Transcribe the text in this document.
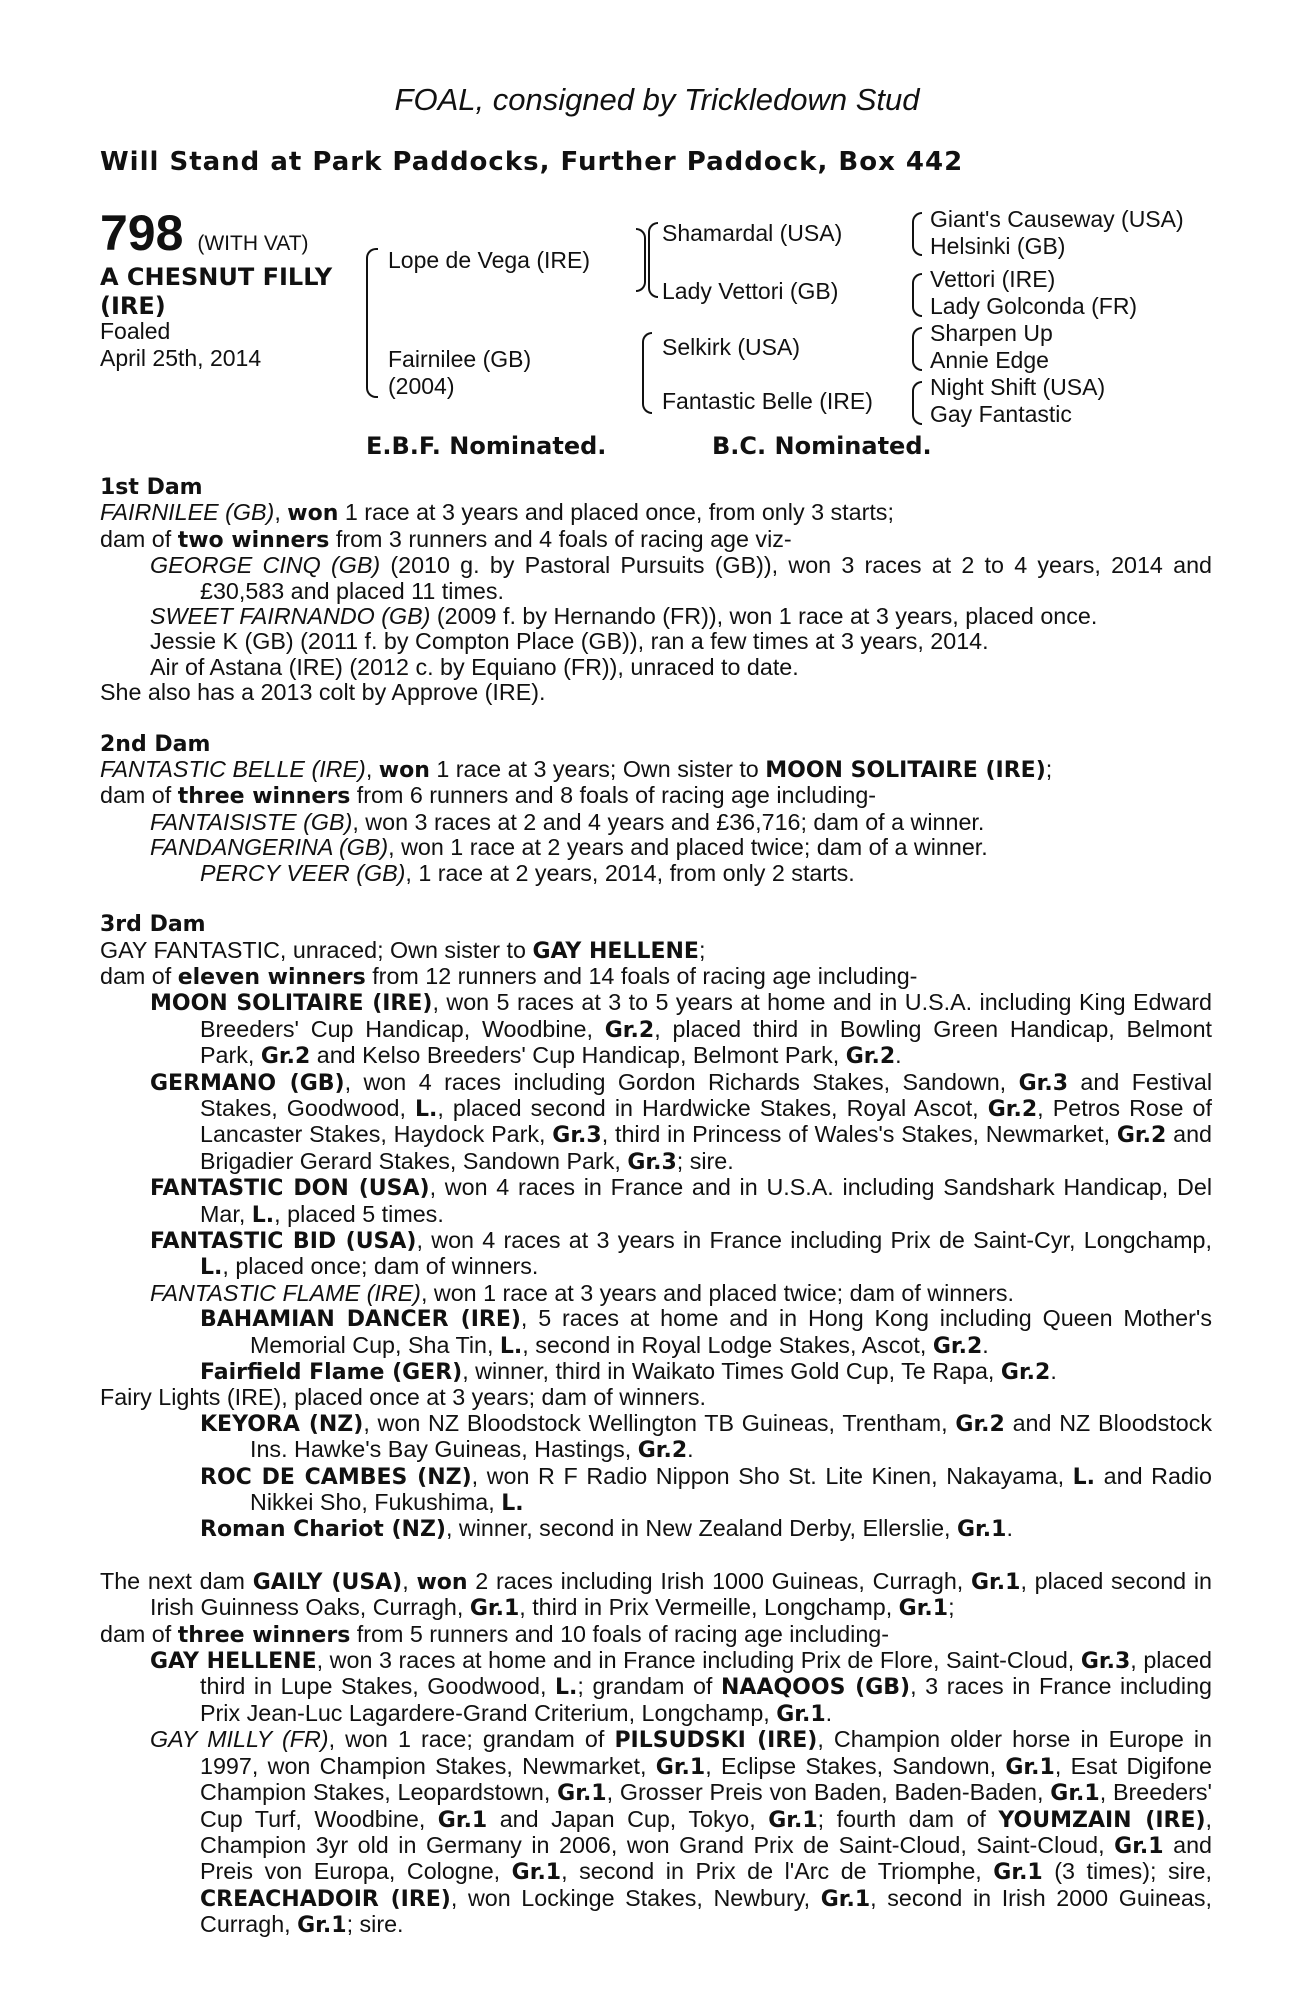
FOAL, consigned by Trickledown Stud
Will Stand at Park Paddocks, Further Paddock, Box 442
798 (WITH VAT)
A CHESNUT FILLY
(IRE)
Foaled
April 25th, 2014
Lope de Vega (IRE)
Fairnilee (GB)
(2004)
Shamardal (USA)
Lady Vettori (GB)
Selkirk (USA)
Fantastic Belle (IRE)
Giant's Causeway (USA)
Helsinki (GB)
Vettori (IRE)
Lady Golconda (FR)
Sharpen Up
Annie Edge
Night Shift (USA)
Gay Fantastic
E.B.F. Nominated.	B.C. Nominated.

1st Dam

FAIRNILEE (GB), won 1 race at 3 years and placed once, from only 3 starts;

dam of two winners from 3 runners and 4 foals of racing age viz-

GEORGE CINQ (GB) (2010 g. by Pastoral Pursuits (GB)), won 3 races at 2 to 4 years, 2014 and £30,583 and placed 11 times.

SWEET FAIRNANDO (GB) (2009 f. by Hernando (FR)), won 1 race at 3 years, placed once.

Jessie K (GB) (2011 f. by Compton Place (GB)), ran a few times at 3 years, 2014.

Air of Astana (IRE) (2012 c. by Equiano (FR)), unraced to date.

She also has a 2013 colt by Approve (IRE).

2nd Dam

FANTASTIC BELLE (IRE), won 1 race at 3 years; Own sister to MOON SOLITAIRE (IRE);

dam of three winners from 6 runners and 8 foals of racing age including-

FANTAISISTE (GB), won 3 races at 2 and 4 years and £36,716; dam of a winner.

FANDANGERINA (GB), won 1 race at 2 years and placed twice; dam of a winner.

PERCY VEER (GB), 1 race at 2 years, 2014, from only 2 starts.

3rd Dam

GAY FANTASTIC, unraced; Own sister to GAY HELLENE;

dam of eleven winners from 12 runners and 14 foals of racing age including-

MOON SOLITAIRE (IRE), won 5 races at 3 to 5 years at home and in U.S.A. including King Edward Breeders' Cup Handicap, Woodbine, Gr.2, placed third in Bowling Green Handicap, Belmont Park, Gr.2 and Kelso Breeders' Cup Handicap, Belmont Park, Gr.2.

GERMANO (GB), won 4 races including Gordon Richards Stakes, Sandown, Gr.3 and Festival Stakes, Goodwood, L., placed second in Hardwicke Stakes, Royal Ascot, Gr.2, Petros Rose of Lancaster Stakes, Haydock Park, Gr.3, third in Princess of Wales's Stakes, Newmarket, Gr.2 and Brigadier Gerard Stakes, Sandown Park, Gr.3; sire.

FANTASTIC DON (USA), won 4 races in France and in U.S.A. including Sandshark Handicap, Del Mar, L., placed 5 times.

FANTASTIC BID (USA), won 4 races at 3 years in France including Prix de Saint-Cyr, Longchamp, L., placed once; dam of winners.

FANTASTIC FLAME (IRE), won 1 race at 3 years and placed twice; dam of winners.

BAHAMIAN DANCER (IRE), 5 races at home and in Hong Kong including Queen Mother's Memorial Cup, Sha Tin, L., second in Royal Lodge Stakes, Ascot, Gr.2.

Fairfield Flame (GER), winner, third in Waikato Times Gold Cup, Te Rapa, Gr.2.

Fairy Lights (IRE), placed once at 3 years; dam of winners.

KEYORA (NZ), won NZ Bloodstock Wellington TB Guineas, Trentham, Gr.2 and NZ Bloodstock Ins. Hawke's Bay Guineas, Hastings, Gr.2.

ROC DE CAMBES (NZ), won R F Radio Nippon Sho St. Lite Kinen, Nakayama, L. and Radio Nikkei Sho, Fukushima, L.

Roman Chariot (NZ), winner, second in New Zealand Derby, Ellerslie, Gr.1.

The next dam GAILY (USA), won 2 races including Irish 1000 Guineas, Curragh, Gr.1, placed second in Irish Guinness Oaks, Curragh, Gr.1, third in Prix Vermeille, Longchamp, Gr.1;

dam of three winners from 5 runners and 10 foals of racing age including-

GAY HELLENE, won 3 races at home and in France including Prix de Flore, Saint-Cloud, Gr.3, placed third in Lupe Stakes, Goodwood, L.; grandam of NAAQOOS (GB), 3 races in France including Prix Jean-Luc Lagardere-Grand Criterium, Longchamp, Gr.1.

GAY MILLY (FR), won 1 race; grandam of PILSUDSKI (IRE), Champion older horse in Europe in 1997, won Champion Stakes, Newmarket, Gr.1, Eclipse Stakes, Sandown, Gr.1, Esat Digifone Champion Stakes, Leopardstown, Gr.1, Grosser Preis von Baden, Baden-Baden, Gr.1, Breeders' Cup Turf, Woodbine, Gr.1 and Japan Cup, Tokyo, Gr.1; fourth dam of YOUMZAIN (IRE), Champion 3yr old in Germany in 2006, won Grand Prix de Saint-Cloud, Saint-Cloud, Gr.1 and Preis von Europa, Cologne, Gr.1, second in Prix de l'Arc de Triomphe, Gr.1 (3 times); sire, CREACHADOIR (IRE), won Lockinge Stakes, Newbury, Gr.1, second in Irish 2000 Guineas, Curragh, Gr.1; sire.
